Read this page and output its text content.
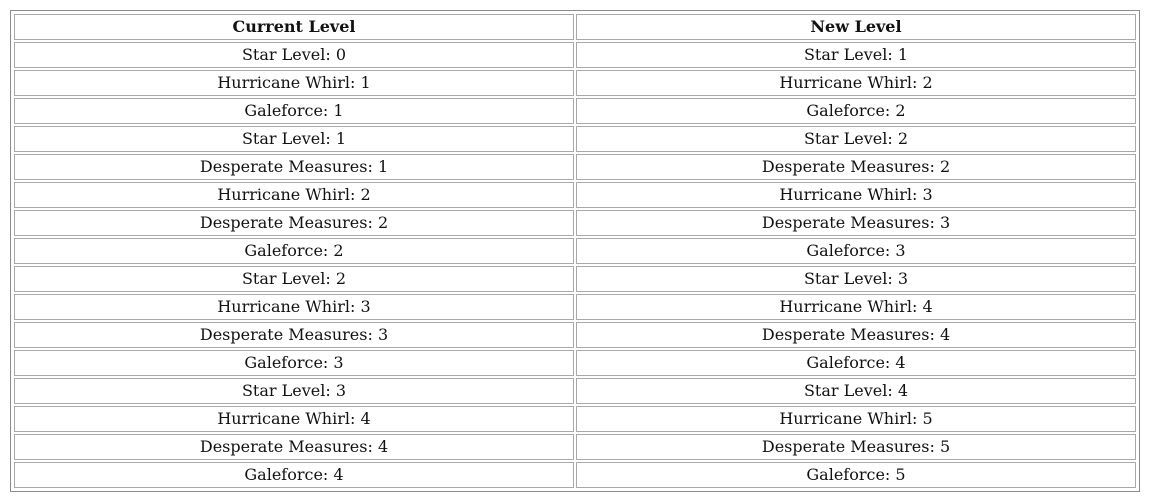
Current Level	New Level
Star Level: 0	Star Level: 1
Hurricane Whirl: 1	Hurricane Whirl: 2
Galeforce: 1	Galeforce: 2
Star Level: 1	Star Level: 2
Desperate Measures: 1	Desperate Measures: 2
Hurricane Whirl: 2	Hurricane Whirl: 3
Desperate Measures: 2	Desperate Measures: 3
Galeforce: 2	Galeforce: 3
Star Level: 2	Star Level: 3
Hurricane Whirl: 3	Hurricane Whirl: 4
Desperate Measures: 3	Desperate Measures: 4
Galeforce: 3	Galeforce: 4
Star Level: 3	Star Level: 4
Hurricane Whirl: 4	Hurricane Whirl: 5
Desperate Measures: 4	Desperate Measures: 5
Galeforce: 4	Galeforce: 5
